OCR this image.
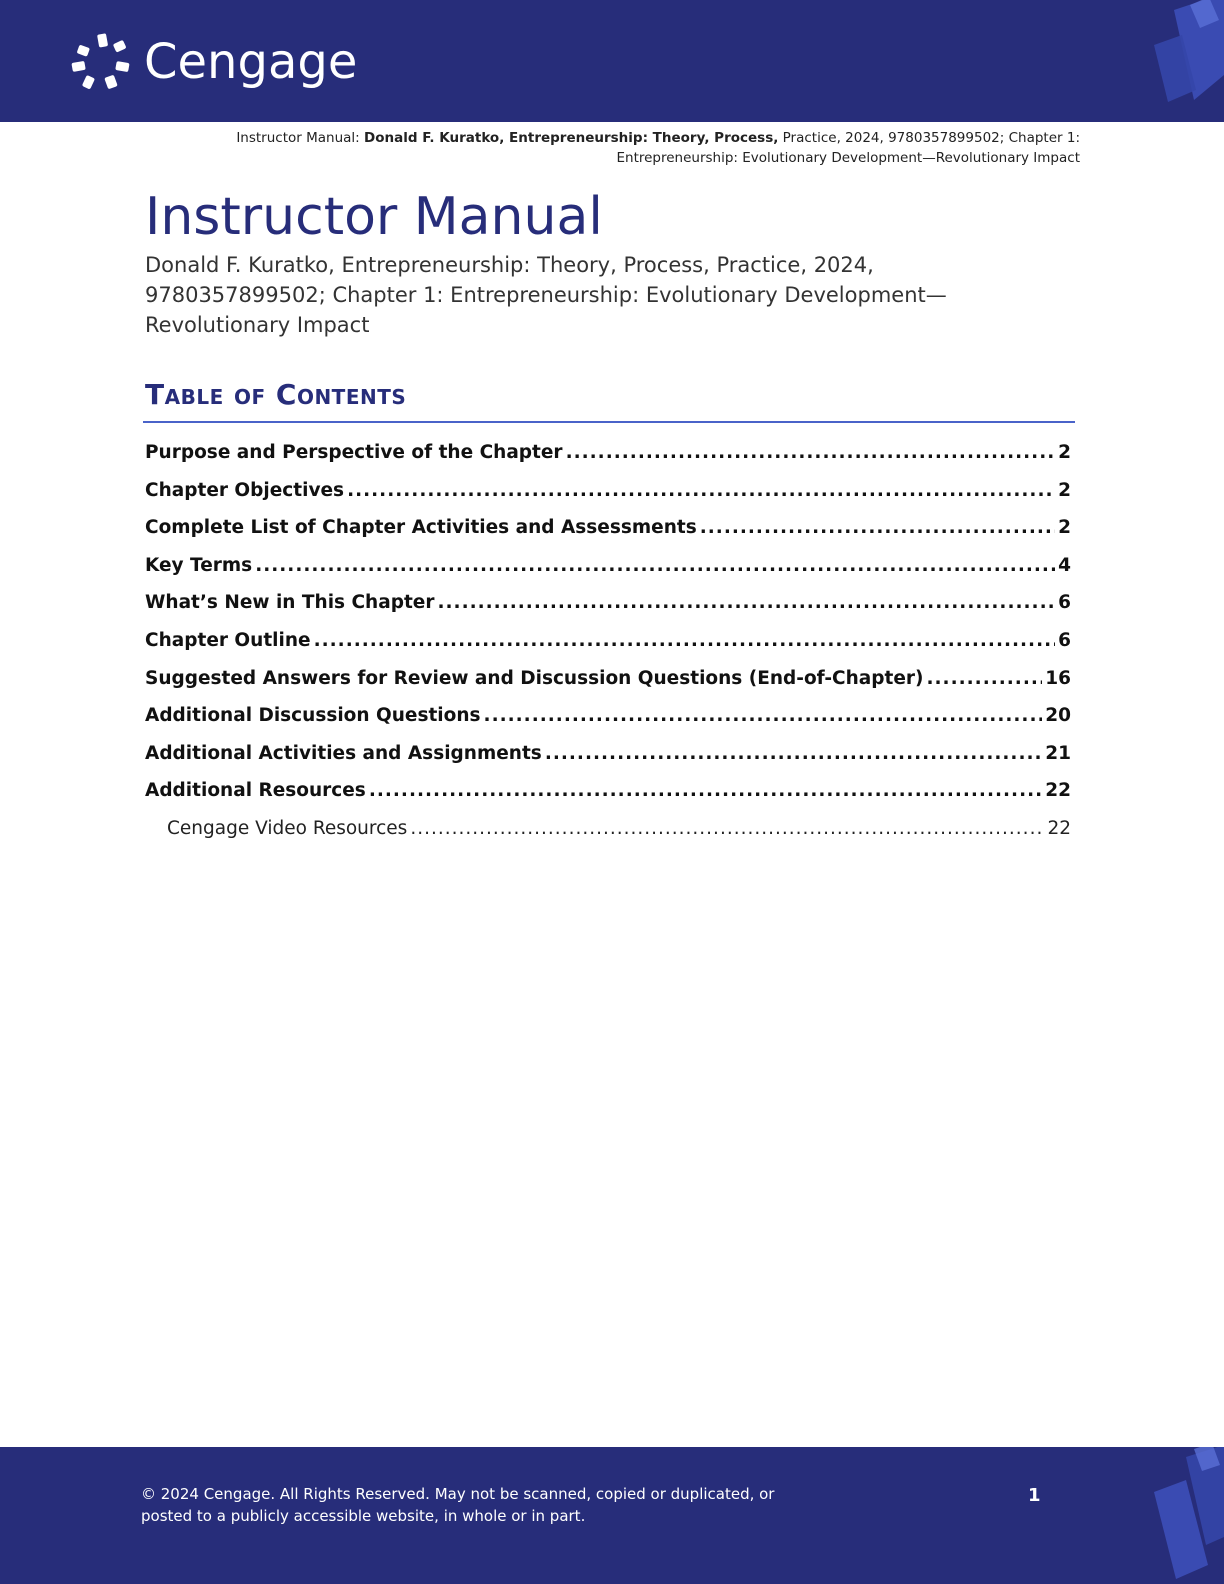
Cengage
Instructor Manual: Donald F. Kuratko, Entrepreneurship: Theory, Process, Practice, 2024, 9780357899502; Chapter 1:
Entrepreneurship: Evolutionary Development—Revolutionary Impact
Instructor Manual
Donald F. Kuratko, Entrepreneurship: Theory, Process, Practice, 2024, 9780357899502; Chapter 1: Entrepreneurship: Evolutionary Development—Revolutionary Impact
Table of Contents
Purpose and Perspective of the Chapter .....	2
Chapter Objectives .....	2
Complete List of Chapter Activities and Assessments .....	2
Key Terms .....	4
What’s New in This Chapter .....	6
Chapter Outline .....	6
Suggested Answers for Review and Discussion Questions (End-of-Chapter) .....	16
Additional Discussion Questions .....	20
Additional Activities and Assignments .....	21
Additional Resources .....	22
Cengage Video Resources .....	22
© 2024 Cengage. All Rights Reserved. May not be scanned, copied or duplicated, or
posted to a publicly accessible website, in whole or in part.
1
